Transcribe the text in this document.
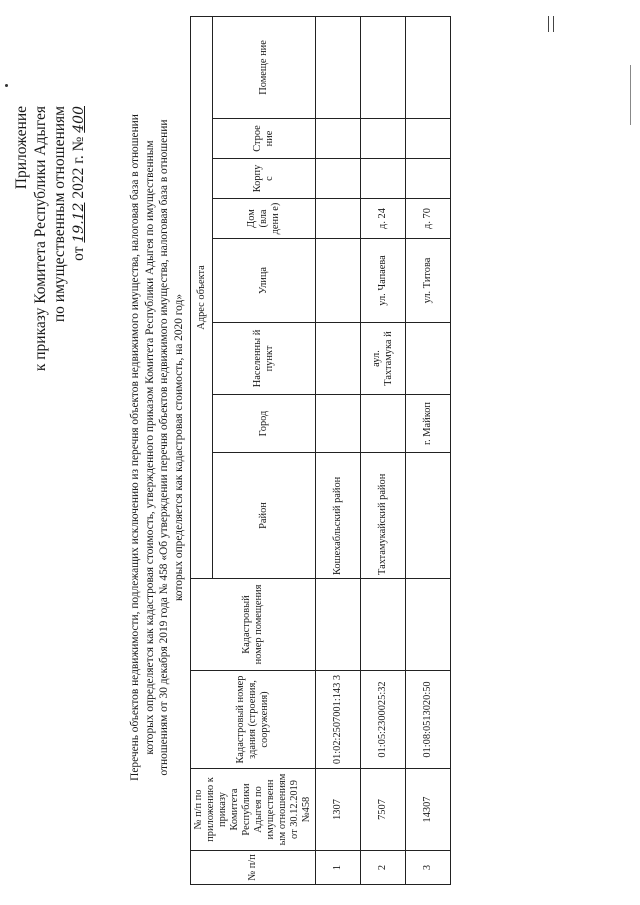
Приложение к приказу Комитета Республики Адыгея по имущественным отношениям от 19.12 2022 г. № 400	Перечень объектов недвижимости, подлежащих исключению из перечня объектов недвижимого имущества, налоговая база в отношении которых определяется как кадастровая стоимость, утвержденного приказом Комитета Республики Адыгея по имущественным отношениям от 30 декабря 2019 года № 458 «Об утверждении перечня объектов недвижимого имущества, налоговая база в отношении которых определяется как кадастровая стоимость, на 2020 год»
№ п/п	№ п/п по приложению к приказу Комитета Республики Адыгея по имущественн ым отношениям от 30.12.2019 №458	Кадастровый номер здания (строения, сооружения)	Кадастровый номер помещения	Адрес объекта							
				Район	Город	Населенны й пункт	Улица	Дом (вла дени е)	Корпу с	Строе ние	Помеще ние
1	1307	01:02:2507001:143 3		Кошехабльский район							
2	7507	01:05:2300025:32		Тахтамукайский район		аул. Тахтамука й	ул. Чапаева	д. 24			
3	14307	01:08:0513020:50			г. Майкоп		ул. Титова	д. 70			
